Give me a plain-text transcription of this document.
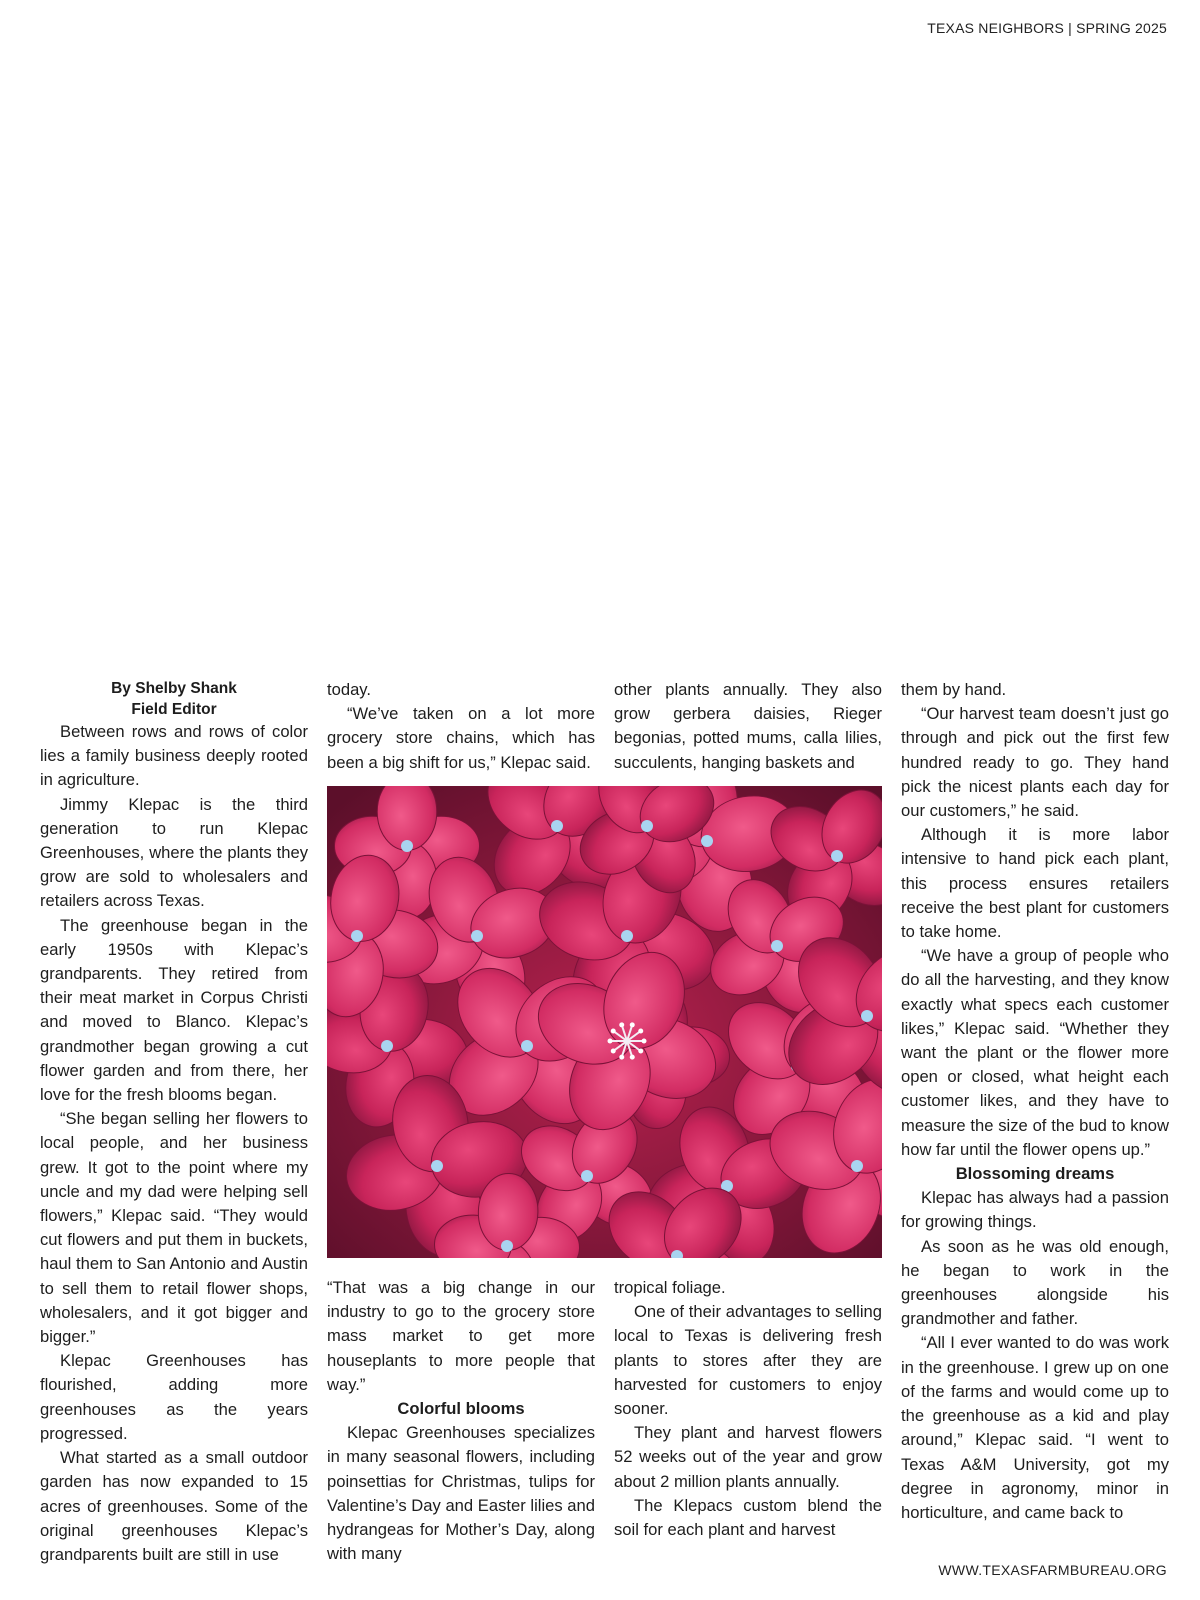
TEXAS NEIGHBORS | SPRING 2025
By Shelby Shank
Field Editor

Between rows and rows of color lies a family business deeply rooted in agriculture.

Jimmy Klepac is the third generation to run Klepac Greenhouses, where the plants they grow are sold to wholesalers and retailers across Texas.

The greenhouse began in the early 1950s with Klepac’s grandparents. They retired from their meat market in Corpus Christi and moved to Blanco. Klepac’s grandmother began growing a cut flower garden and from there, her love for the fresh blooms began.

“She began selling her flowers to local people, and her business grew. It got to the point where my uncle and my dad were helping sell flowers,” Klepac said. “They would cut flowers and put them in buckets, haul them to San Antonio and Austin to sell them to retail flower shops, wholesalers, and it got bigger and bigger.”

Klepac Greenhouses has flourished, adding more greenhouses as the years progressed.

What started as a small outdoor garden has now expanded to 15 acres of greenhouses. Some of the original greenhouses Klepac’s grandparents built are still in use

today.

“We’ve taken on a lot more grocery store chains, which has been a big shift for us,” Klepac said.

other plants annually. They also grow gerbera daisies, Rieger begonias, potted mums, calla lilies, succulents, hanging baskets and

“That was a big change in our industry to go to the grocery store mass market to get more houseplants to more people that way.”

Colorful blooms

Klepac Greenhouses specializes in many seasonal flowers, including poinsettias for Christmas, tulips for Valentine’s Day and Easter lilies and hydrangeas for Mother’s Day, along with many

tropical foliage.

One of their advantages to selling local to Texas is delivering fresh plants to stores after they are harvested for customers to enjoy sooner.

They plant and harvest flowers 52 weeks out of the year and grow about 2 million plants annually.

The Klepacs custom blend the soil for each plant and harvest

them by hand.

“Our harvest team doesn’t just go through and pick out the first few hundred ready to go. They hand pick the nicest plants each day for our customers,” he said.

Although it is more labor intensive to hand pick each plant, this process ensures retailers receive the best plant for customers to take home.

“We have a group of people who do all the harvesting, and they know exactly what specs each customer likes,” Klepac said. “Whether they want the plant or the flower more open or closed, what height each customer likes, and they have to measure the size of the bud to know how far until the flower opens up.”

Blossoming dreams

Klepac has always had a passion for growing things.

As soon as he was old enough, he began to work in the greenhouses alongside his grandmother and father.

“All I ever wanted to do was work in the greenhouse. I grew up on one of the farms and would come up to the greenhouse as a kid and play around,” Klepac said. “I went to Texas A&M University, got my degree in agronomy, minor in horticulture, and came back to

WWW.TEXASFARMBUREAU.ORG
